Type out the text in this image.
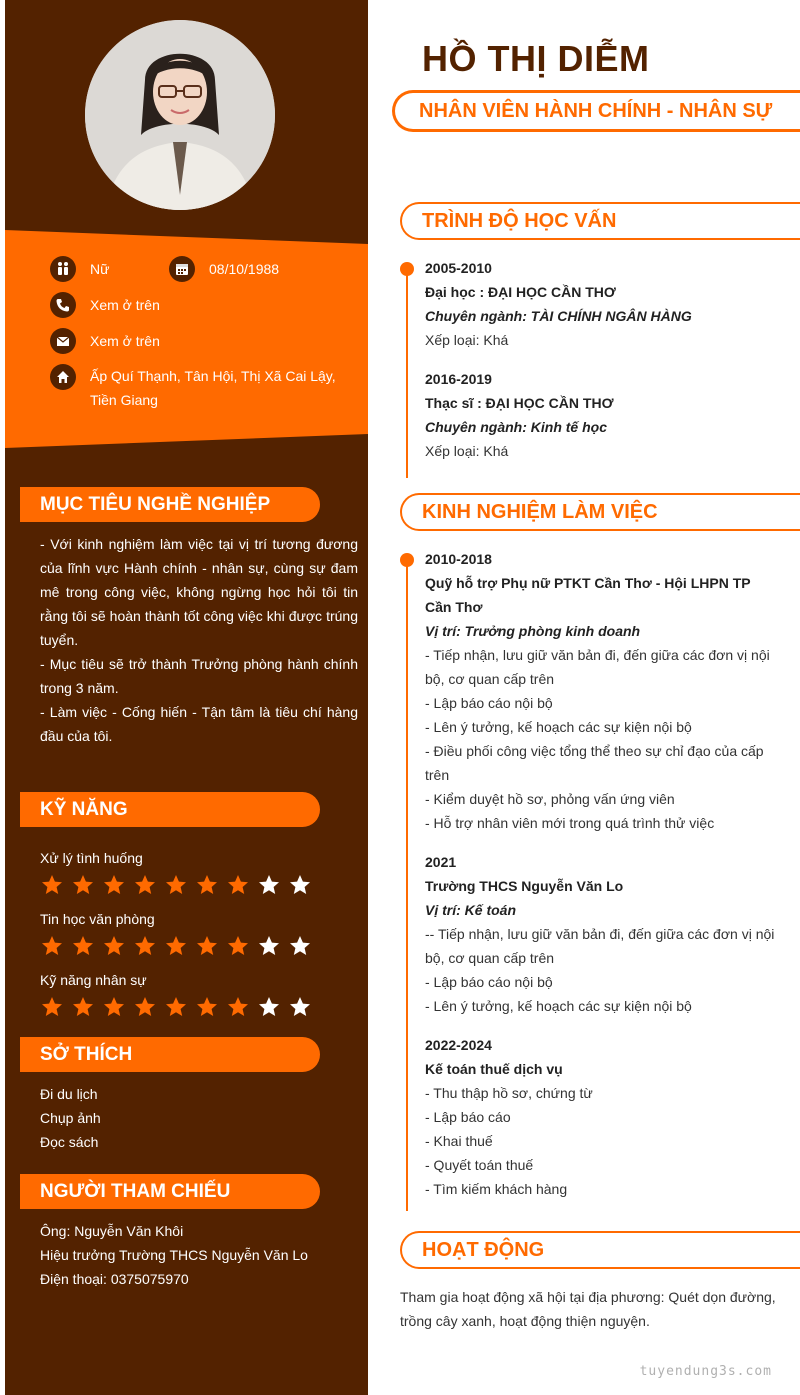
Nữ	08/10/1988
Xem ở trên
Xem ở trên
Ấp Quí Thạnh, Tân Hội, Thị Xã Cai Lậy,
Tiền Giang
MỤC TIÊU NGHỀ NGHIỆP
- Với kinh nghiệm làm việc tại vị trí tương đương của lĩnh vực Hành chính - nhân sự, cùng sự đam mê trong công việc, không ngừng học hỏi tôi tin rằng tôi sẽ hoàn thành tốt công việc khi được trúng tuyển.
- Mục tiêu sẽ trở thành Trưởng phòng hành chính trong 3 năm.
- Làm việc - Cống hiến - Tận tâm là tiêu chí hàng đầu của tôi.
KỸ NĂNG
Xử lý tình huống
Tin học văn phòng
Kỹ năng nhân sự
SỞ THÍCH
Đi du lịch
Chụp ảnh
Đọc sách
NGƯỜI THAM CHIẾU
Ông: Nguyễn Văn Khôi
Hiệu trưởng Trường THCS Nguyễn Văn Lo
Điện thoại: 0375075970
HỒ THỊ DIỄM
NHÂN VIÊN HÀNH CHÍNH - NHÂN SỰ
TRÌNH ĐỘ HỌC VẤN
2005-2010
Đại học : ĐẠI HỌC CẦN THƠ
Chuyên ngành: TÀI CHÍNH NGÂN HÀNG
Xếp loại: Khá
2016-2019
Thạc sĩ : ĐẠI HỌC CẦN THƠ
Chuyên ngành: Kinh tế học
Xếp loại: Khá
KINH NGHIỆM LÀM VIỆC
2010-2018
Quỹ hỗ trợ Phụ nữ PTKT Cần Thơ - Hội LHPN TP Cần Thơ
Vị trí: Trưởng phòng kinh doanh
- Tiếp nhận, lưu giữ văn bản đi, đến giữa các đơn vị nội bộ, cơ quan cấp trên
- Lập báo cáo nội bộ
- Lên ý tưởng, kế hoạch các sự kiện nội bộ
- Điều phối công việc tổng thể theo sự chỉ đạo của cấp trên
- Kiểm duyệt hồ sơ, phỏng vấn ứng viên
- Hỗ trợ nhân viên mới trong quá trình thử việc
2021
Trường THCS Nguyễn Văn Lo
Vị trí: Kế toán
-- Tiếp nhận, lưu giữ văn bản đi, đến giữa các đơn vị nội bộ, cơ quan cấp trên
- Lập báo cáo nội bộ
- Lên ý tưởng, kế hoạch các sự kiện nội bộ
2022-2024
Kế toán thuế dịch vụ
- Thu thập hồ sơ, chứng từ
- Lập báo cáo
- Khai thuế
- Quyết toán thuế
- Tìm kiếm khách hàng
HOẠT ĐỘNG
Tham gia hoạt động xã hội tại địa phương: Quét dọn đường, trồng cây xanh, hoạt động thiện nguyện.
tuyendung3s.com
